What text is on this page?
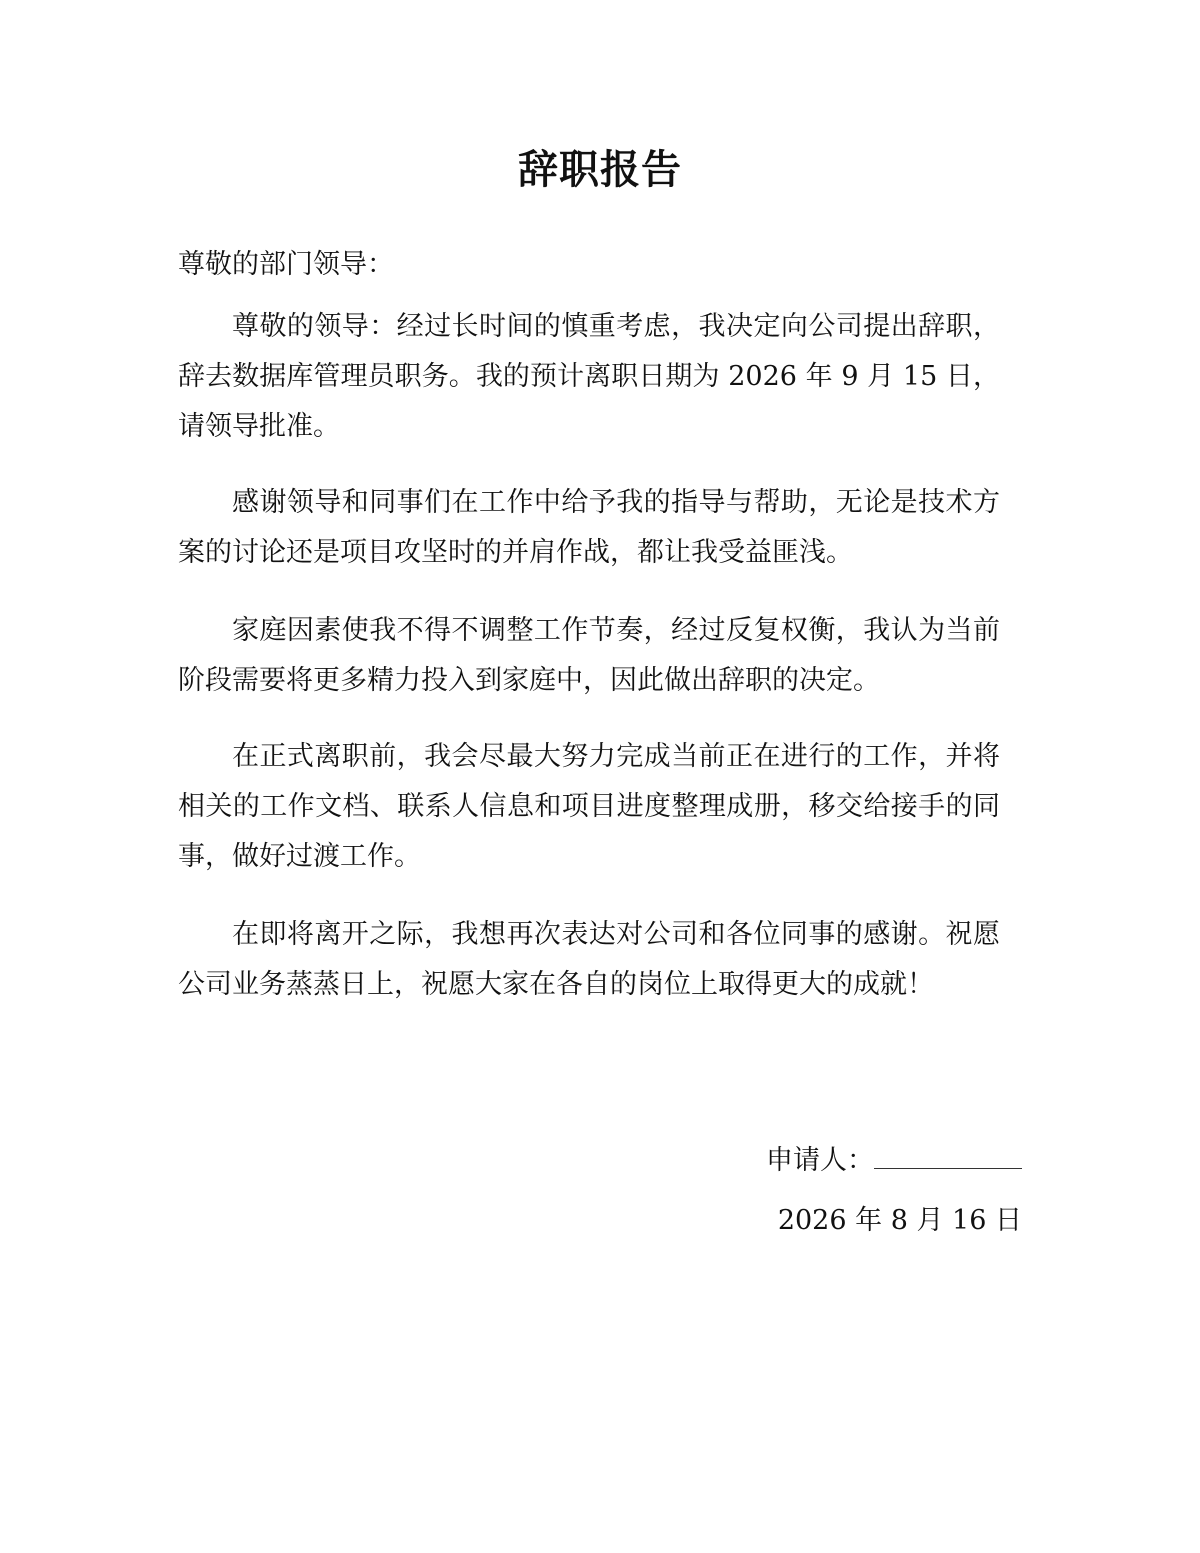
辞职报告
尊敬的部门领导：

尊敬的领导：经过长时间的慎重考虑，我决定向公司提出辞职，辞去数据库管理员职务。我的预计离职日期为 2026 年 9 月 15 日，请领导批准。

感谢领导和同事们在工作中给予我的指导与帮助，无论是技术方案的讨论还是项目攻坚时的并肩作战，都让我受益匪浅。

家庭因素使我不得不调整工作节奏，经过反复权衡，我认为当前阶段需要将更多精力投入到家庭中，因此做出辞职的决定。

在正式离职前，我会尽最大努力完成当前正在进行的工作，并将相关的工作文档、联系人信息和项目进度整理成册，移交给接手的同事，做好过渡工作。

在即将离开之际，我想再次表达对公司和各位同事的感谢。祝愿公司业务蒸蒸日上，祝愿大家在各自的岗位上取得更大的成就！

申请人：
2026 年 8 月 16 日
